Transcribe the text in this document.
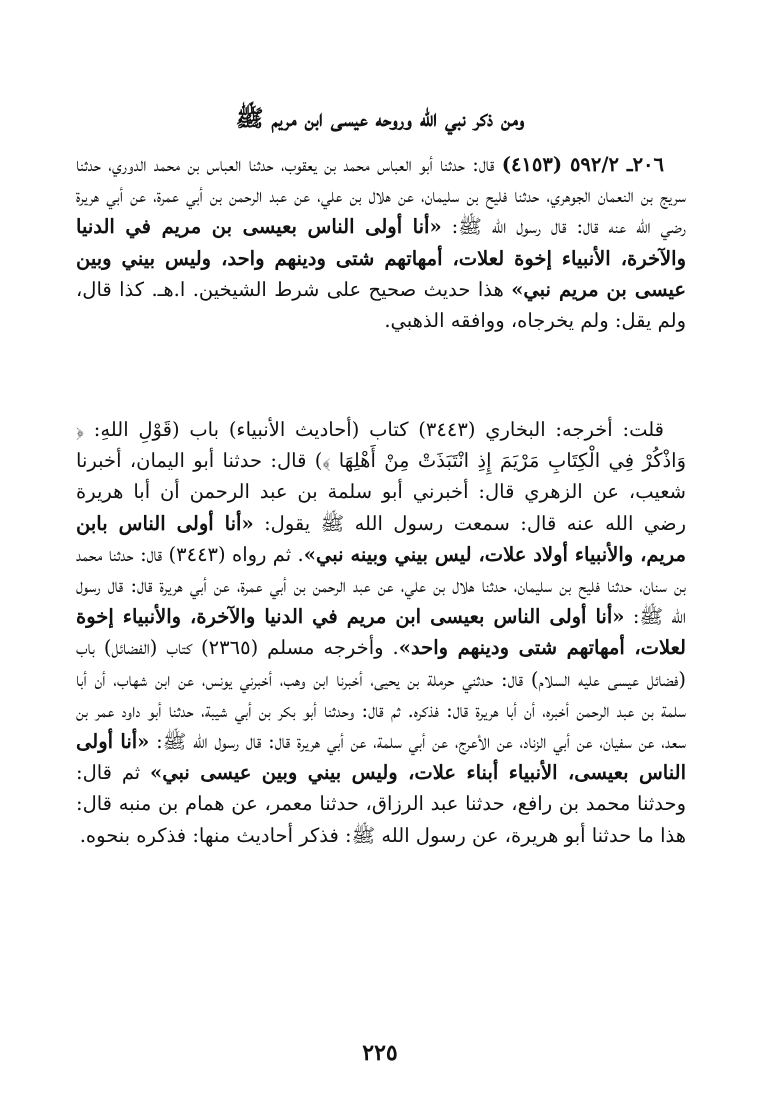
ومن ذكر نبي الله وروحه عيسى ابن مريم ﷺ

٢٠٦ـ ٥٩٢/٢ (٤١٥٣) قال: حدثنا أبو العباس محمد بن يعقوب، حدثنا العباس بن محمد الدوري، حدثنا سريج بن النعمان الجوهري، حدثنا فليح بن سليمان، عن هلال بن علي، عن عبد الرحمن بن أبي عمرة، عن أبي هريرة رضي الله عنه قال: قال رسول الله ﷺ: «أنا أولى الناس بعيسى بن مريم في الدنيا والآخرة، الأنبياء إخوة لعلات، أمهاتهم شتى ودينهم واحد، وليس بيني وبين عيسى بن مريم نبي» هذا حديث صحيح على شرط الشيخين. ا.هـ. كذا قال، ولم يقل: ولم يخرجاه، ووافقه الذهبي.

قلت: أخرجه: البخاري (٣٤٤٣) كتاب (أحاديث الأنبياء) باب (قَوْلِ اللهِ: ﴿ وَاذْكُرْ فِي الْكِتَابِ مَرْيَمَ إِذِ انْتَبَذَتْ مِنْ أَهْلِهَا ﴾) قال: حدثنا أبو اليمان، أخبرنا شعيب، عن الزهري قال: أخبرني أبو سلمة بن عبد الرحمن أن أبا هريرة رضي الله عنه قال: سمعت رسول الله ﷺ يقول: «أنا أولى الناس بابن مريم، والأنبياء أولاد علات، ليس بيني وبينه نبي». ثم رواه (٣٤٤٣) قال: حدثنا محمد بن سنان، حدثنا فليح بن سليمان، حدثنا هلال بن علي، عن عبد الرحمن بن أبي عمرة، عن أبي هريرة قال: قال رسول الله ﷺ: «أنا أولى الناس بعيسى ابن مريم في الدنيا والآخرة، والأنبياء إخوة لعلات، أمهاتهم شتى ودينهم واحد». وأخرجه مسلم (٢٣٦٥) كتاب (الفضائل) باب (فضائل عيسى عليه السلام) قال: حدثني حرملة بن يحيى، أخبرنا ابن وهب، أخبرني يونس، عن ابن شهاب، أن أبا سلمة بن عبد الرحمن أخبره، أن أبا هريرة قال: فذكره. ثم قال: وحدثنا أبو بكر بن أبي شيبة، حدثنا أبو داود عمر بن سعد، عن سفيان، عن أبي الزناد، عن الأعرج، عن أبي سلمة، عن أبي هريرة قال: قال رسول الله ﷺ: «أنا أولى الناس بعيسى، الأنبياء أبناء علات، وليس بيني وبين عيسى نبي» ثم قال: وحدثنا محمد بن رافع، حدثنا عبد الرزاق، حدثنا معمر، عن همام بن منبه قال: هذا ما حدثنا أبو هريرة، عن رسول الله ﷺ: فذكر أحاديث منها: فذكره بنحوه.

٢٢٥
